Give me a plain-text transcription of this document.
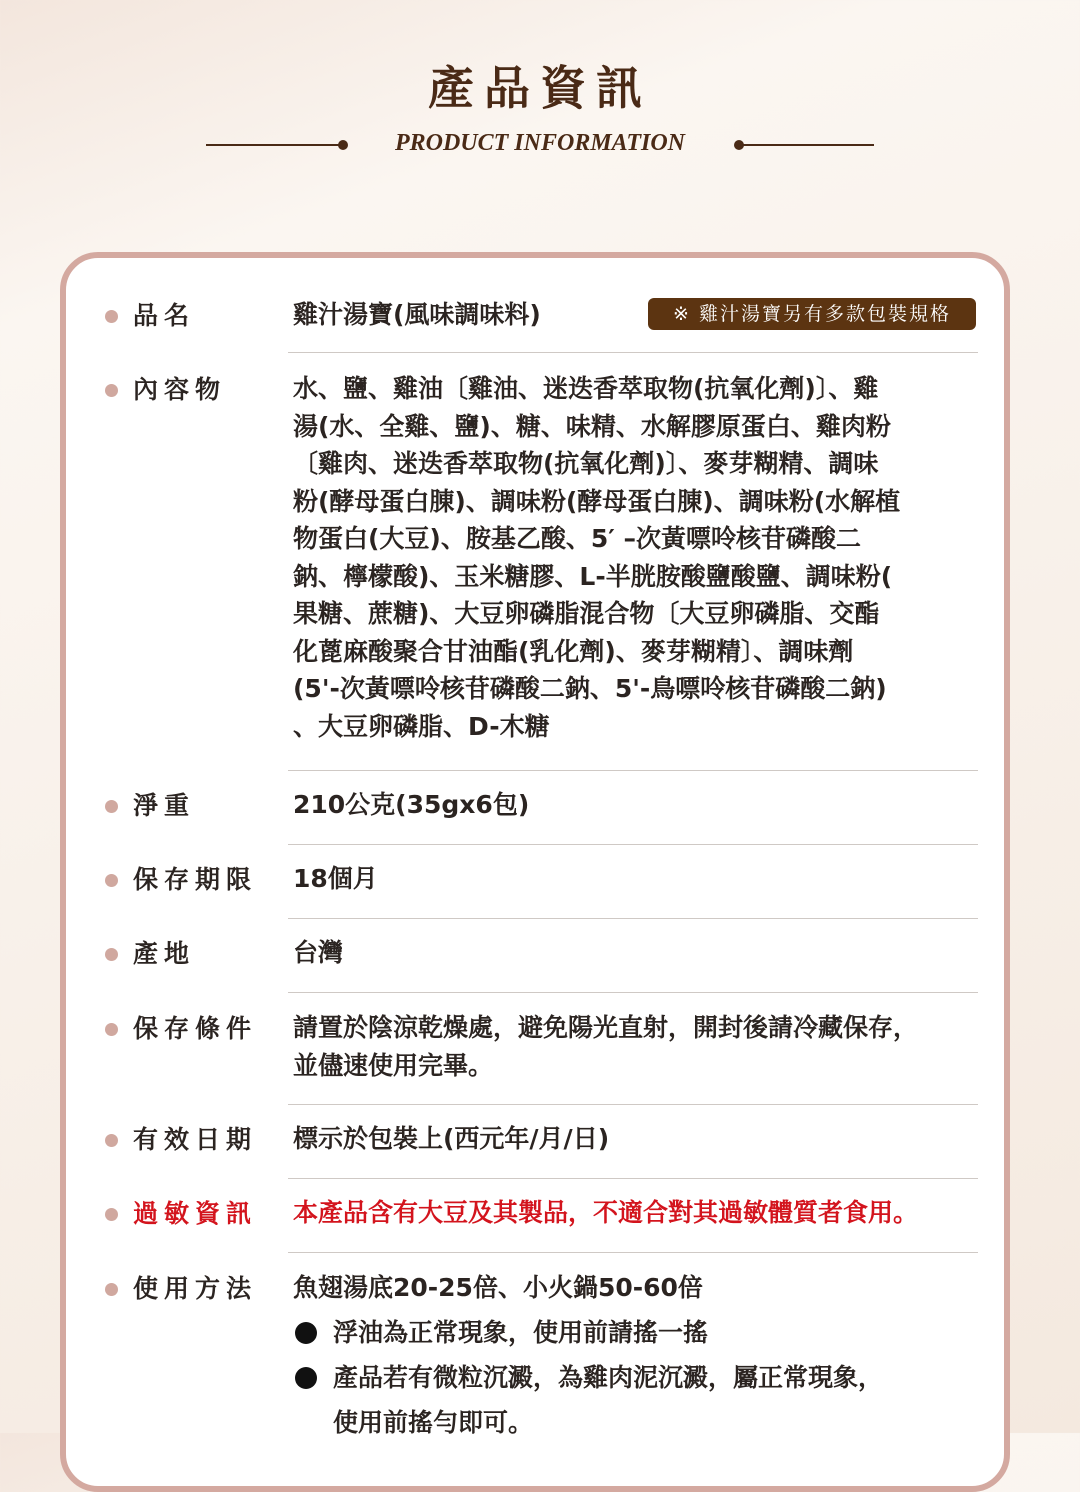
產品資訊
PRODUCT INFORMATION
※ 雞汁湯寶另有多款包裝規格
品名	雞汁湯寶(風味調味料)
內容物	水、鹽、雞油〔雞油、迷迭香萃取物(抗氧化劑)〕、雞
湯(水、全雞、鹽)、糖、味精、水解膠原蛋白、雞肉粉
〔雞肉、迷迭香萃取物(抗氧化劑)〕、麥芽糊精、調味
粉(酵母蛋白腖)、調味粉(酵母蛋白腖)、調味粉(水解植
物蛋白(大豆)、胺基乙酸、5′ –次黃嘌呤核苷磷酸二
鈉、檸檬酸)、玉米糖膠、L-半胱胺酸鹽酸鹽、調味粉(
果糖、蔗糖)、大豆卵磷脂混合物〔大豆卵磷脂、交酯
化蓖麻酸聚合甘油酯(乳化劑)、麥芽糊精〕、調味劑
(5'-次黃嘌呤核苷磷酸二鈉、5'-鳥嘌呤核苷磷酸二鈉)
、大豆卵磷脂、D-木糖
淨重	210公克(35gx6包)
保存期限 18個月
產地	台灣
保存條件 請置於陰涼乾燥處，避免陽光直射，開封後請冷藏保存，
並儘速使用完畢。
有效日期 標示於包裝上(西元年/月/日)
過敏資訊 本產品含有大豆及其製品，不適合對其過敏體質者食用。
使用方法 魚翅湯底20-25倍、小火鍋50-60倍
浮油為正常現象，使用前請搖一搖
產品若有微粒沉澱，為雞肉泥沉澱，屬正常現象，
使用前搖勻即可。
